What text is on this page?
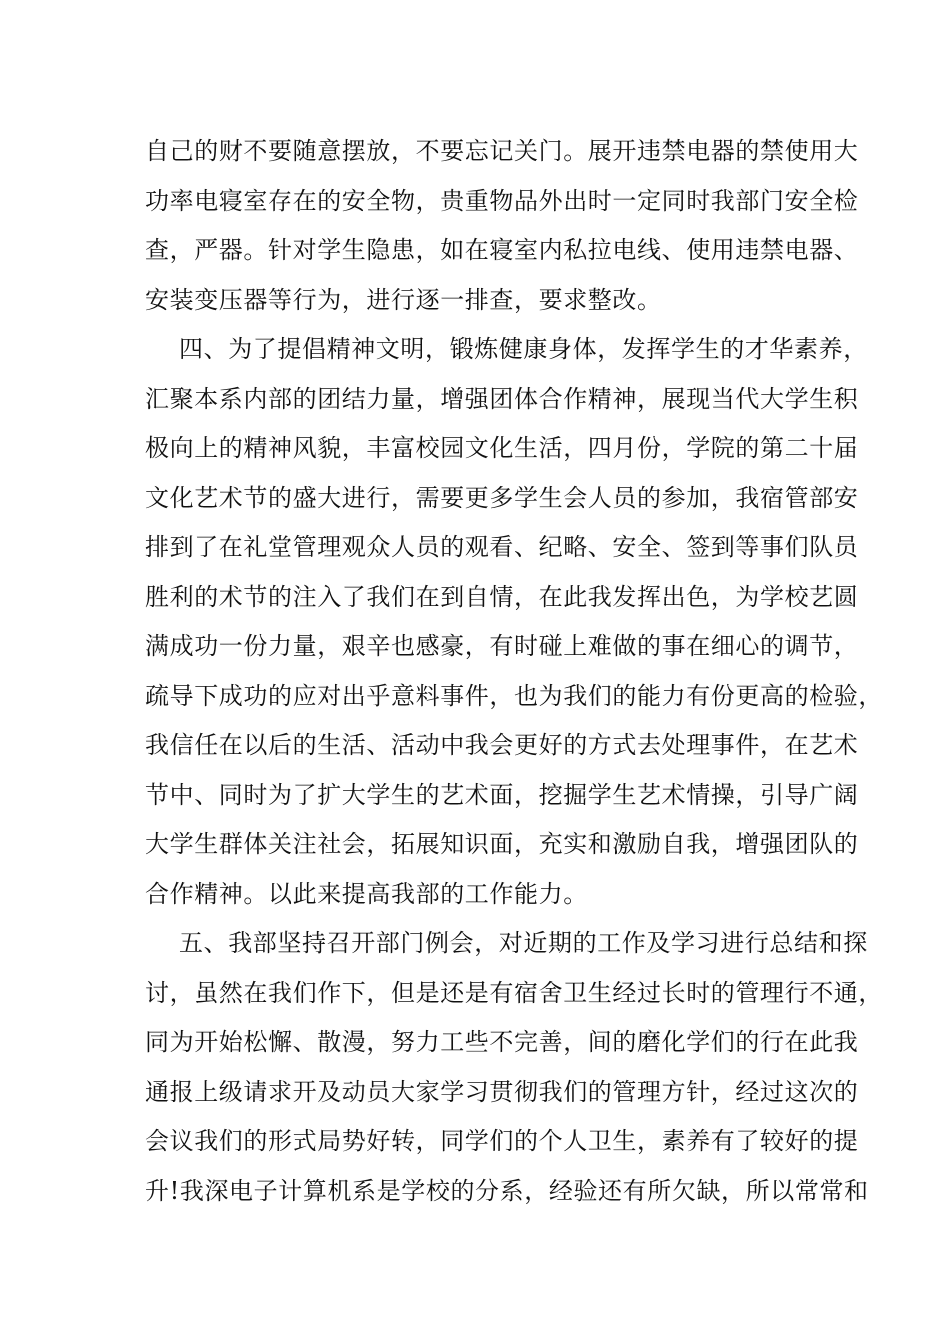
自己的财不要随意摆放，不要忘记关门。展开违禁电器的禁使用大
功率电寝室存在的安全物，贵重物品外出时一定同时我部门安全检
查，严器。针对学生隐患，如在寝室内私拉电线、使用违禁电器、
安装变压器等行为，进行逐一排查，要求整改。
四、为了提倡精神文明，锻炼健康身体，发挥学生的才华素养，
汇聚本系内部的团结力量，增强团体合作精神，展现当代大学生积
极向上的精神风貌，丰富校园文化生活，四月份，学院的第二十届
文化艺术节的盛大进行，需要更多学生会人员的参加，我宿管部安
排到了在礼堂管理观众人员的观看、纪略、安全、签到等事们队员
胜利的术节的注入了我们在到自情，在此我发挥出色，为学校艺圆
满成功一份力量，艰辛也感豪，有时碰上难做的事在细心的调节，
疏导下成功的应对出乎意料事件，也为我们的能力有份更高的检验，
我信任在以后的生活、活动中我会更好的方式去处理事件，在艺术
节中、同时为了扩大学生的艺术面，挖掘学生艺术情操，引导广阔
大学生群体关注社会，拓展知识面，充实和激励自我，增强团队的
合作精神。以此来提高我部的工作能力。
五、我部坚持召开部门例会，对近期的工作及学习进行总结和探
讨，虽然在我们作下，但是还是有宿舍卫生经过长时的管理行不通，
同为开始松懈、散漫，努力工些不完善，间的磨化学们的行在此我
通报上级请求开及动员大家学习贯彻我们的管理方针，经过这次的
会议我们的形式局势好转，同学们的个人卫生，素养有了较好的提
升!我深电子计算机系是学校的分系，经验还有所欠缺，所以常常和
